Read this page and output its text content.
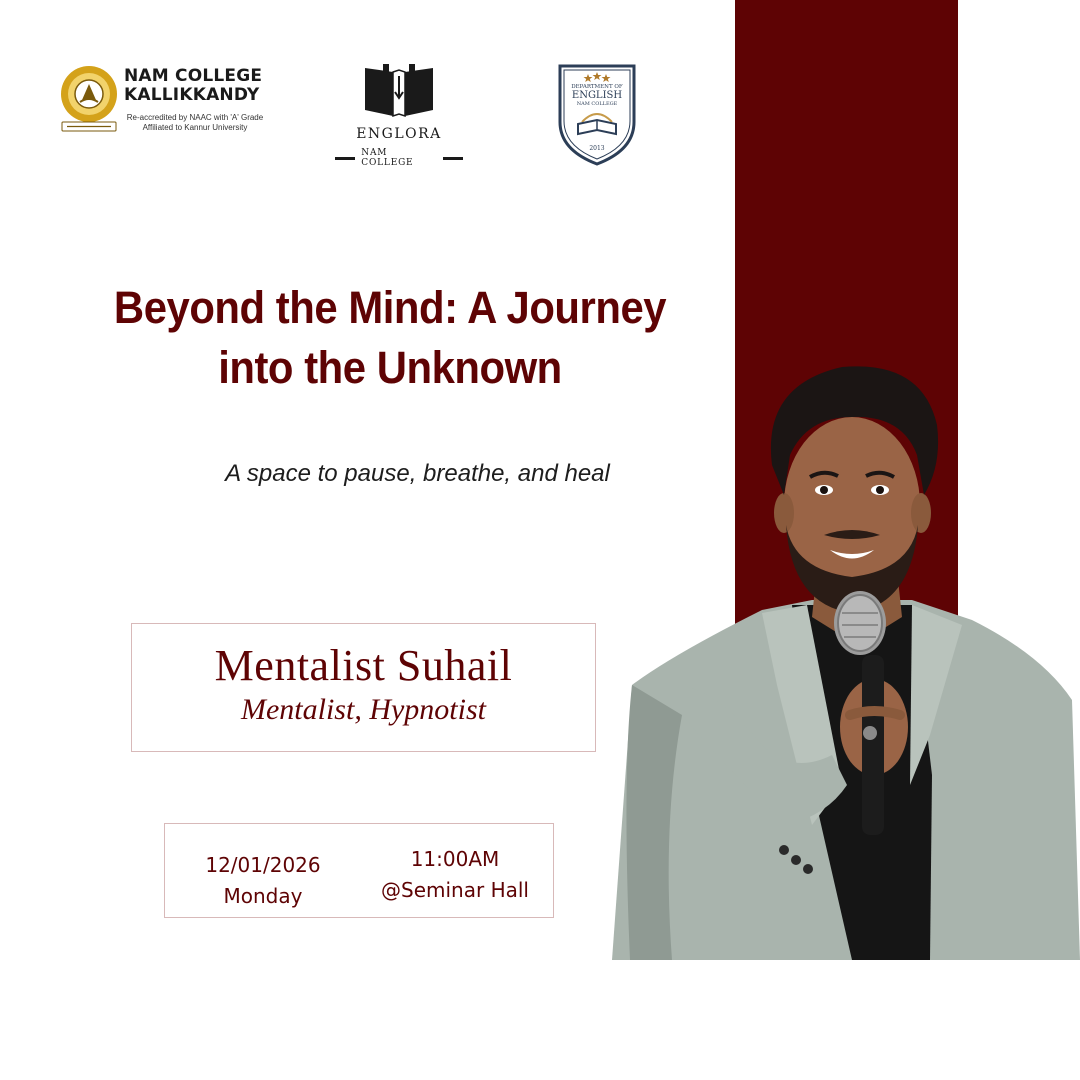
NAM COLLEGE
KALLIKKANDY
Re-accredited by NAAC with 'A' Grade
Affiliated to Kannur University	ENGLORA
NAM COLLEGE
DEPARTMENT OF
ENGLISH
NAM COLLEGE
2013
Beyond the Mind: A Journey
into the Unknown

A space to pause, breathe, and heal

Mentalist Suhail
Mentalist, Hypnotist
12/01/2026
Monday
11:00AM
@Seminar Hall
